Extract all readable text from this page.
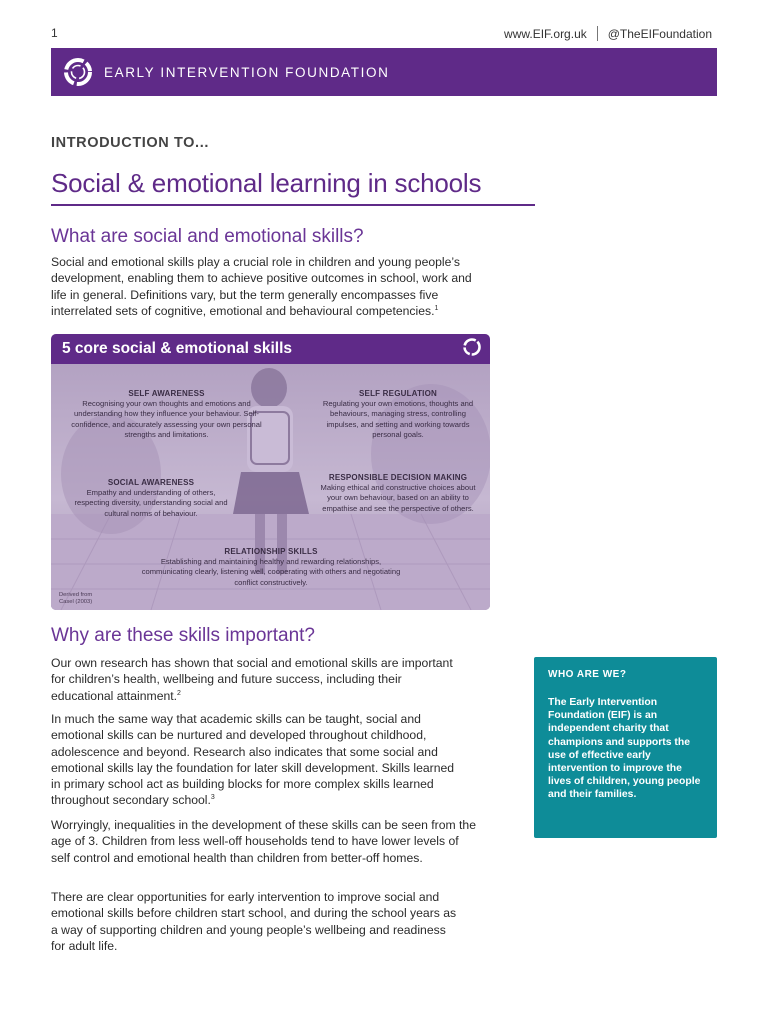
1	www.EIF.org.uk @TheEIFoundation
EARLY INTERVENTION FOUNDATION
INTRODUCTION TO...
Social & emotional learning in schools
What are social and emotional skills?

Social and emotional skills play a crucial role in children and young people’s development, enabling them to achieve positive outcomes in school, work and life in general. Definitions vary, but the term generally encompasses five interrelated sets of cognitive, emotional and behavioural competencies.$^1$

5 core social & emotional skills
SELF AWARENESS
Recognising your own thoughts and emotions and understanding how they influence your behaviour. Self-confidence, and accurately assessing your own personal strengths and limitations.
SELF REGULATION
Regulating your own emotions, thoughts and behaviours, managing stress, controlling impulses, and setting and working towards personal goals.
SOCIAL AWARENESS
Empathy and understanding of others, respecting diversity, understanding social and cultural norms of behaviour.
RESPONSIBLE DECISION MAKING
Making ethical and constructive choices about your own behaviour, based on an ability to empathise and see the perspective of others.
RELATIONSHIP SKILLS
Establishing and maintaining healthy and rewarding relationships, communicating clearly, listening well, cooperating with others and negotiating conflict constructively.
Derived from
Casel (2003)
Why are these skills important?

Our own research has shown that social and emotional skills are important for children’s health, wellbeing and future success, including their educational attainment.$^2$

In much the same way that academic skills can be taught, social and emotional skills can be nurtured and developed throughout childhood, adolescence and beyond. Research also indicates that some social and emotional skills lay the foundation for later skill development. Skills learned in primary school act as building blocks for more complex skills learned throughout secondary school.$^3$

Worryingly, inequalities in the development of these skills can be seen from the age of 3. Children from less well-off households tend to have lower levels of self control and emotional health than children from better-off homes.

There are clear opportunities for early intervention to improve social and emotional skills before children start school, and during the school years as a way of supporting children and young people’s wellbeing and readiness for adult life.

WHO ARE WE?
The Early Intervention Foundation (EIF) is an independent charity that champions and supports the use of effective early intervention to improve the lives of children, young people and their families.
